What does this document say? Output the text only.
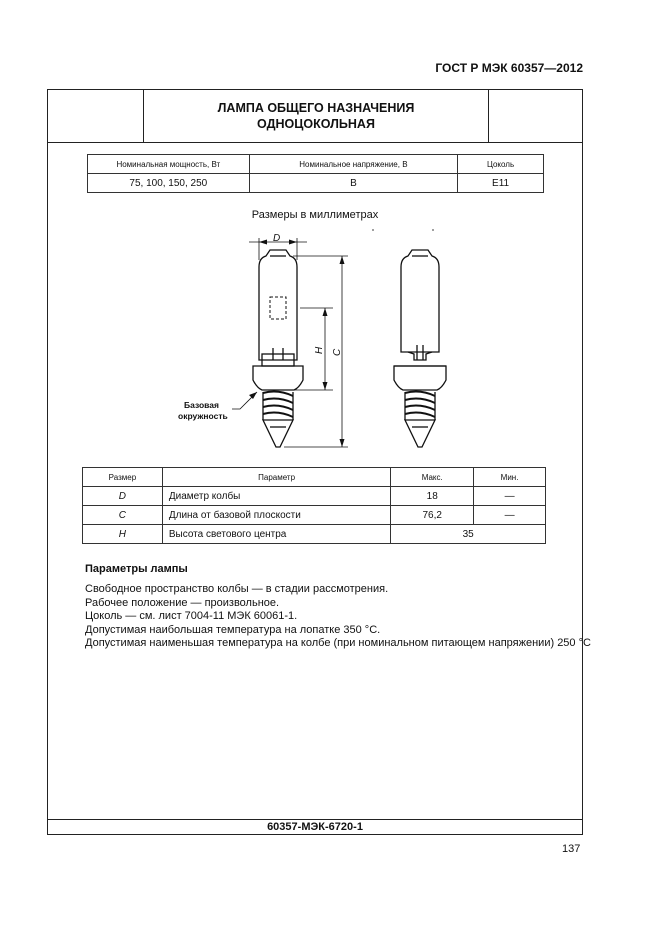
ГОСТ Р МЭК 60357—2012
ЛАМПА ОБЩЕГО НАЗНАЧЕНИЯ
ОДНОЦОКОЛЬНАЯ
Номинальная мощность, Вт	Номинальное напряжение, В	Цоколь
75, 100, 150, 250	В	Е11
Размеры в миллиметрах
D
H C
Базовая
окружность
Размер	Параметр	Макс.	Мин.
D	Диаметр колбы	18	—
C	Длина от базовой плоскости	76,2	—
H	Высота светового центра	35	
Параметры лампы
Свободное пространство колбы — в стадии рассмотрения.
Рабочее положение — произвольное.
Цоколь — см. лист 7004-11 МЭК 60061-1.
Допустимая наибольшая температура на лопатке 350 °С.
Допустимая наименьшая температура на колбе (при номинальном питающем напряжении) 250 °С
60357-МЭК-6720-1
137
